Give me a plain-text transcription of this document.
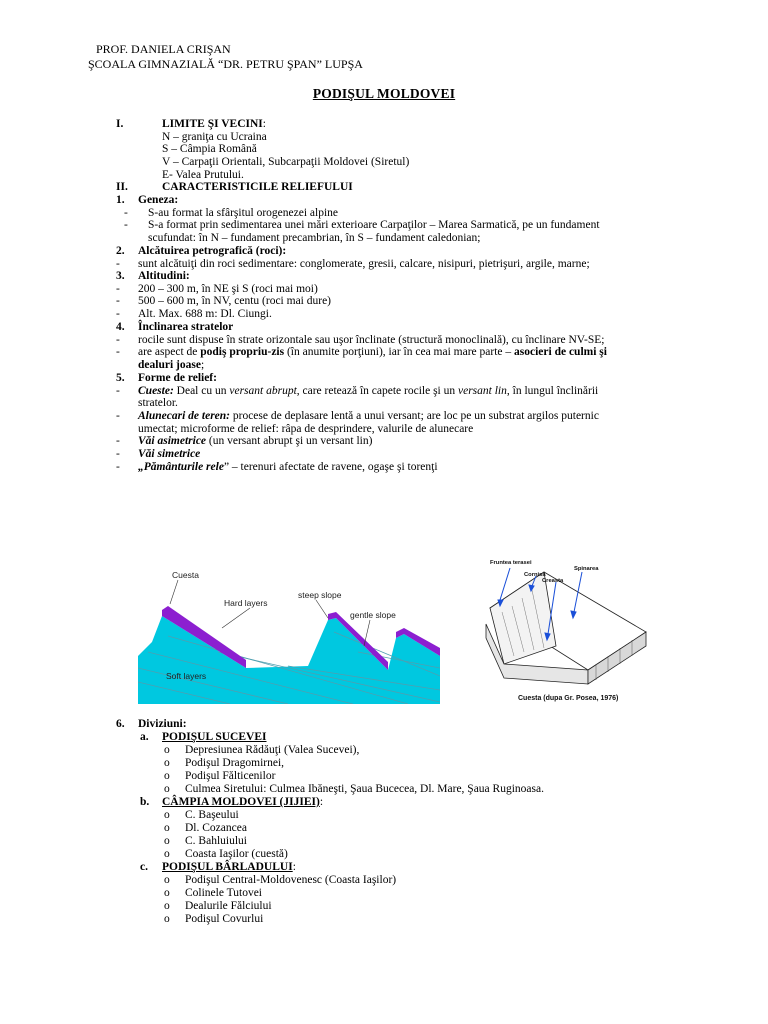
PROF. DANIELA CRIŞAN
ŞCOALA GIMNAZIALĂ “DR. PETRU ŞPAN” LUPŞA
PODIŞUL MOLDOVEI
I.	LIMITE ŞI VECINI:
N – graniţa cu Ucraina
S – Câmpia Română
V – Carpaţii Orientali, Subcarpaţii Moldovei (Siretul)
E- Valea Prutului.
II.	CARACTERISTICILE RELIEFULUI
1. Geneza:
- S-au format la sfârşitul orogenezei alpine
- S-a format prin sedimentarea unei mări exterioare Carpaţilor – Marea Sarmatică, pe un fundament
scufundat: în N – fundament precambrian, în S – fundament caledonian;
2. Alcătuirea petrografică (roci):
- sunt alcătuiţi din roci sedimentare: conglomerate, gresii, calcare, nisipuri, pietrişuri, argile, marne;
3. Altitudini:
- 200 – 300 m, în NE şi S (roci mai moi)
- 500 – 600 m, în NV, centu (roci mai dure)
- Alt. Max. 688 m: Dl. Ciungi.
4. Înclinarea stratelor
- rocile sunt dispuse în strate orizontale sau uşor înclinate (structură monoclinală), cu înclinare NV-SE;
- are aspect de podiş propriu-zis (în anumite porţiuni), iar în cea mai mare parte – asocieri de culmi şi
dealuri joase;
5. Forme de relief:
- Cueste: Deal cu un versant abrupt, care retează în capete rocile şi un versant lin, în lungul înclinării
stratelor.
- Alunecari de teren: procese de deplasare lentă a unui versant; are loc pe un substrat argilos puternic
umectat; microforme de relief: râpa de desprindere, valurile de alunecare
- Văi asimetrice (un versant abrupt şi un versant lin)
- Văi simetrice
- „Pământurile rele” – terenuri afectate de ravene, ogaşe şi torenţi
Cuesta
Hard layers
steep slope
gentle slope
Soft layers
Fruntea terasei
Cornisa
Creasta
Spinarea
Cuesta (dupa Gr. Posea, 1976)
6. Diviziuni:
a. PODIŞUL SUCEVEI
o Depresiunea Rădăuţi (Valea Sucevei),
o Podişul Dragomirnei,
o Podişul Fălticenilor
o Culmea Siretului: Culmea Ibăneşti, Şaua Bucecea, Dl. Mare, Şaua Ruginoasa.
b. CÂMPIA MOLDOVEI (JIJIEI):
o C. Başeului
o Dl. Cozancea
o C. Bahluiului
o Coasta Iaşilor (cuestă)
c. PODIŞUL BÂRLADULUI:
o Podişul Central-Moldovenesc (Coasta Iaşilor)
o Colinele Tutovei
o Dealurile Fălciului
o Podişul Covurlui
